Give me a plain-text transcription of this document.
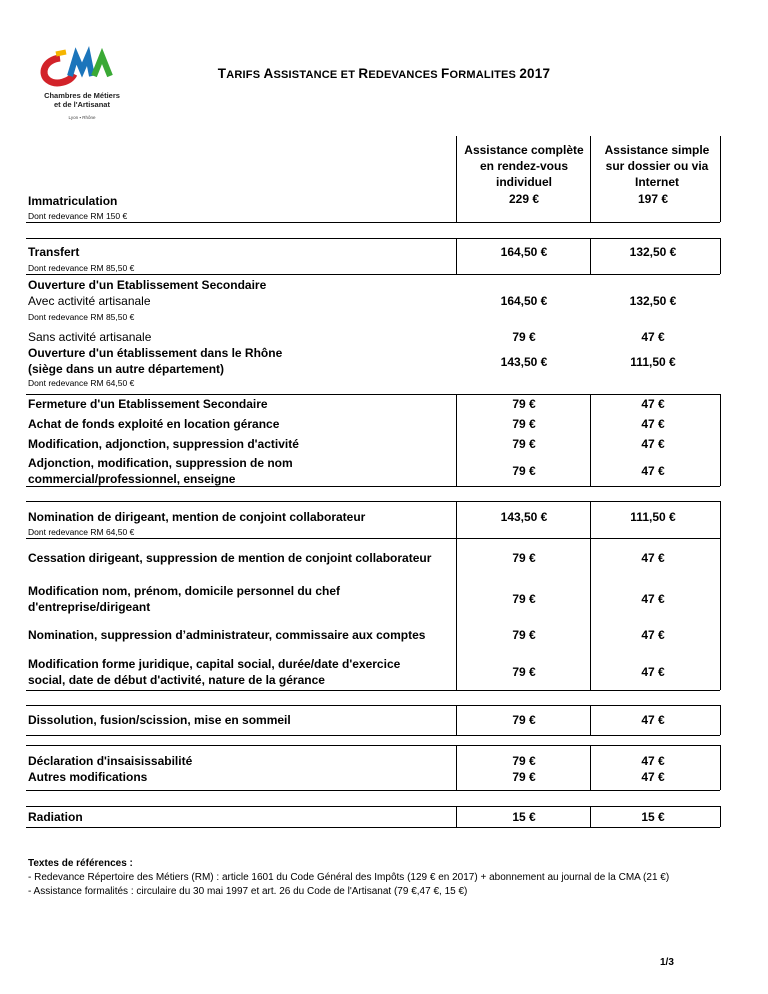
Chambres de Métiers
et de l'Artisanat
Lyon ▪ Rhône
TARIFS ASSISTANCE ET REDEVANCES FORMALITES 2017
Assistance complète
en rendez-vous
individuel
Assistance simple
sur dossier ou via
Internet
Immatriculation	229 €	197 €
Dont redevance RM 150 €
Transfert	164,50 €	132,50 €
Dont redevance RM 85,50 €
Ouverture d'un Etablissement Secondaire
Avec activité artisanale	164,50 €	132,50 €
Dont redevance RM 85,50 €
Sans activité artisanale	79 €	47 €
Ouverture d'un établissement dans le Rhône
(siège dans un autre département)	143,50 €	111,50 €
Dont redevance RM 64,50 €
Fermeture d'un Etablissement Secondaire	79 €	47 €
Achat de fonds exploité en location gérance	79 €	47 €
Modification, adjonction, suppression d'activité	79 €	47 €
Adjonction, modification, suppression de nom
commercial/professionnel, enseigne
79 €	47 €
Nomination de dirigeant, mention de conjoint collaborateur	143,50 €	111,50 €
Dont redevance RM 64,50 €
Cessation dirigeant, suppression de mention de conjoint collaborateur	79 €	47 €
Modification nom, prénom, domicile personnel du chef
d'entreprise/dirigeant
79 €	47 €
Nomination, suppression d’administrateur, commissaire aux comptes	79 €	47 €
Modification forme juridique, capital social, durée/date d'exercice
social, date de début d'activité, nature de la gérance
79 €	47 €
Dissolution, fusion/scission, mise en sommeil	79 €	47 €
Déclaration d'insaisissabilité	79 €	47 €
Autres modifications	79 €	47 €
Radiation	15 €	15 €
Textes de références :
- Redevance Répertoire des Métiers (RM) : article 1601 du Code Général des Impôts (129 € en 2017) + abonnement au journal de la CMA (21 €)
- Assistance formalités : circulaire du 30 mai 1997 et art. 26 du Code de l'Artisanat (79 €,47 €, 15 €)
1/3
